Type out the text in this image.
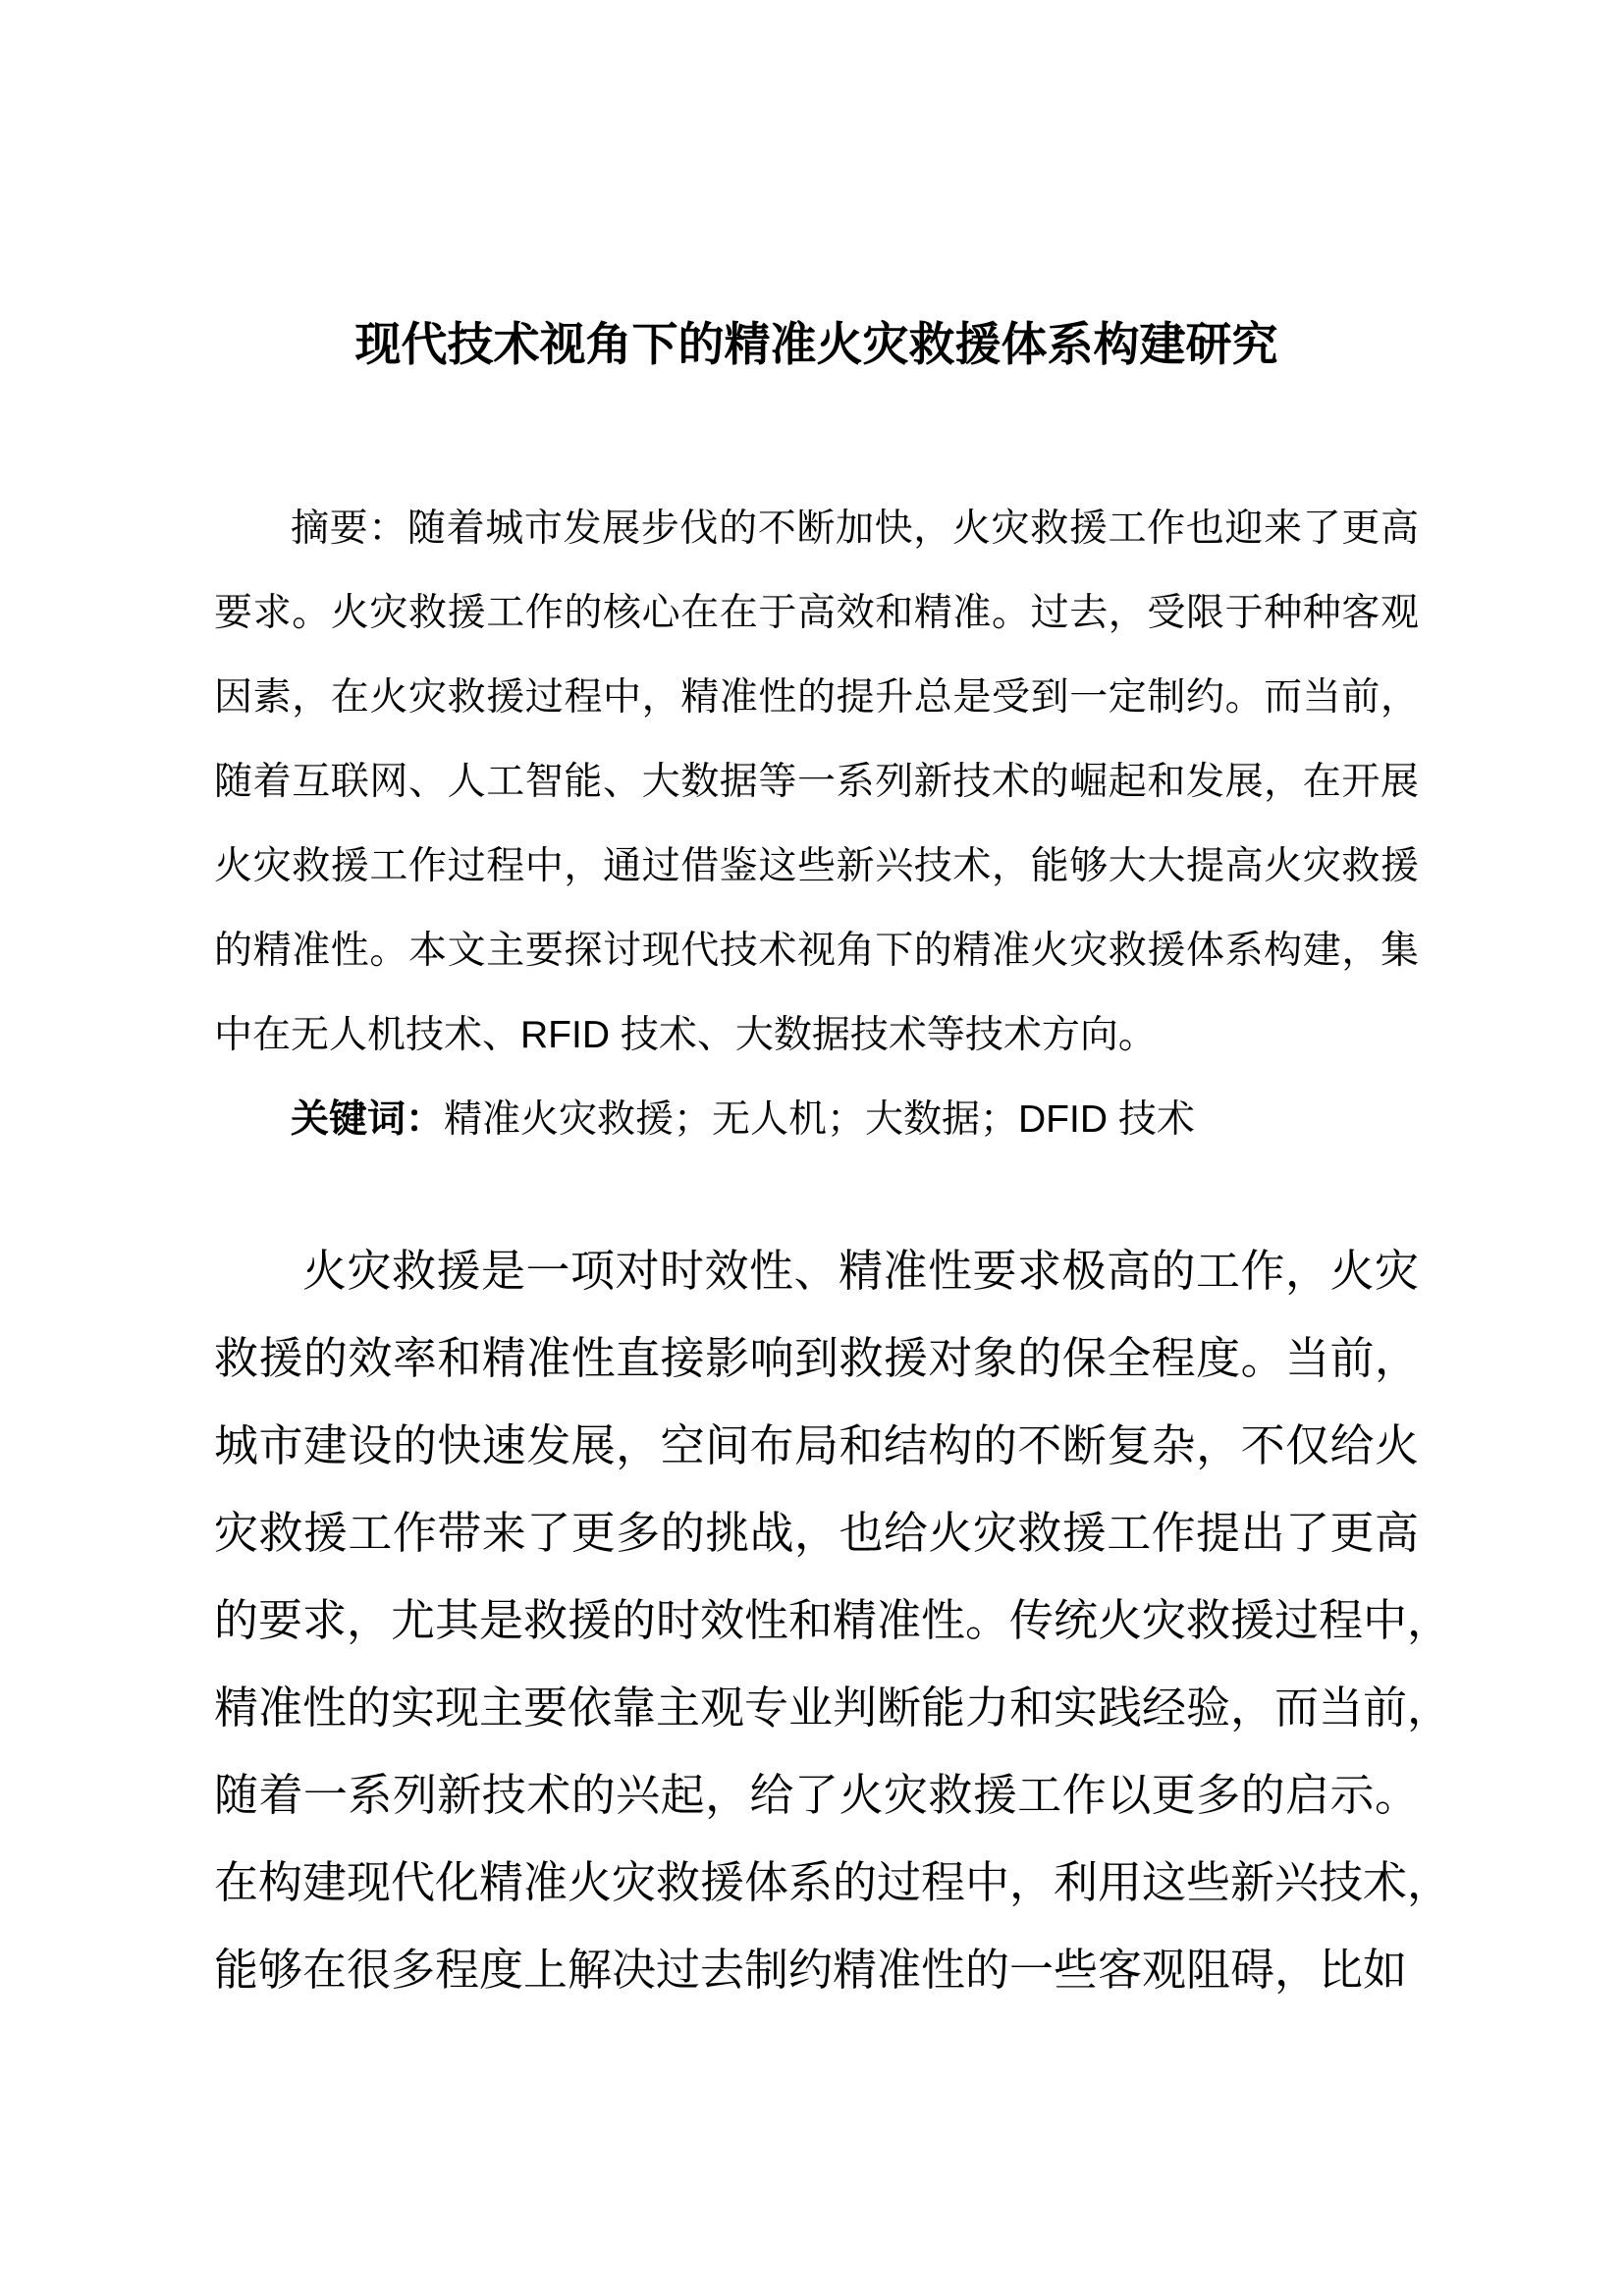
现代技术视角下的精准火灾救援体系构建研究
摘要：随着城市发展步伐的不断加快，火灾救援工作也迎来了更高
要求。火灾救援工作的核心在在于高效和精准。过去，受限于种种客观
因素，在火灾救援过程中，精准性的提升总是受到一定制约。而当前，
随着互联网、人工智能、大数据等一系列新技术的崛起和发展，在开展
火灾救援工作过程中，通过借鉴这些新兴技术，能够大大提高火灾救援
的精准性。本文主要探讨现代技术视角下的精准火灾救援体系构建，集
中在无人机技术、RFID 技术、大数据技术等技术方向。
关键词：精准火灾救援；无人机；大数据；DFID 技术
火灾救援是一项对时效性、精准性要求极高的工作，火灾
救援的效率和精准性直接影响到救援对象的保全程度。当前，
城市建设的快速发展，空间布局和结构的不断复杂，不仅给火
灾救援工作带来了更多的挑战，也给火灾救援工作提出了更高
的要求，尤其是救援的时效性和精准性。传统火灾救援过程中，
精准性的实现主要依靠主观专业判断能力和实践经验，而当前，
随着一系列新技术的兴起，给了火灾救援工作以更多的启示。
在构建现代化精准火灾救援体系的过程中，利用这些新兴技术，
能够在很多程度上解决过去制约精准性的一些客观阻碍，比如
